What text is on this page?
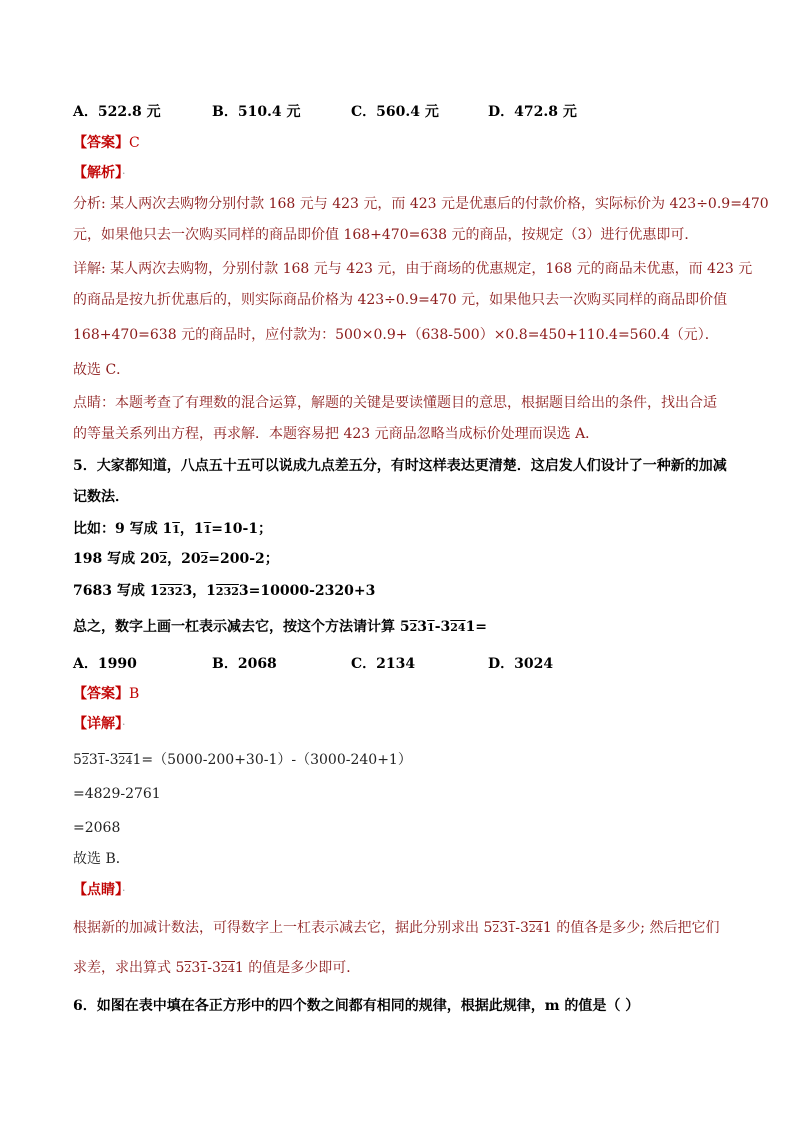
A．522.8 元	B．510.4 元	C．560.4 元	D．472.8 元
【答案】C
【解析】·
分析: 某人两次去购物分别付款 168 元与 423 元，而 423 元是优惠后的付款价格，实际标价为 423÷0.9=470
元，如果他只去一次购买同样的商品即价值 168+470=638 元的商品，按规定（3）进行优惠即可．
详解: 某人两次去购物，分别付款 168 元与 423 元，由于商场的优惠规定，168 元的商品未优惠，而 423 元
的商品是按九折优惠后的，则实际商品价格为 423÷0.9=470 元，如果他只去一次购买同样的商品即价值
168+470=638 元的商品时，应付款为：500×0.9+（638-500）×0.8=450+110.4=560.4（元）．
故选 C．
点睛：本题考查了有理数的混合运算，解题的关键是要读懂题目的意思，根据题目给出的条件，找出合适
的等量关系列出方程，再求解．本题容易把 423 元商品忽略当成标价处理而误选 A．
5．大家都知道，八点五十五可以说成九点差五分，有时这样表达更清楚．这启发人们设计了一种新的加减
记数法．
比如：9 写成 11，11=10-1；
198 写成 202，202=200-2；
7683 写成 12323，12323=10000-2320+3
总之，数字上画一杠表示减去它，按这个方法请计算 5231-3241=
A．1990	B．2068	C．2134	D．3024
【答案】B
【详解】·
5231-3241=（5000-200+30-1）-（3000-240+1）
=4829-2761
=2068
故选 B．
【点睛】·
根据新的加减计数法，可得数字上一杠表示减去它，据此分别求出 5231-3241 的值各是多少; 然后把它们
求差，求出算式 5231-3241 的值是多少即可．
6．如图在表中填在各正方形中的四个数之间都有相同的规律，根据此规律，m 的值是（ ）
